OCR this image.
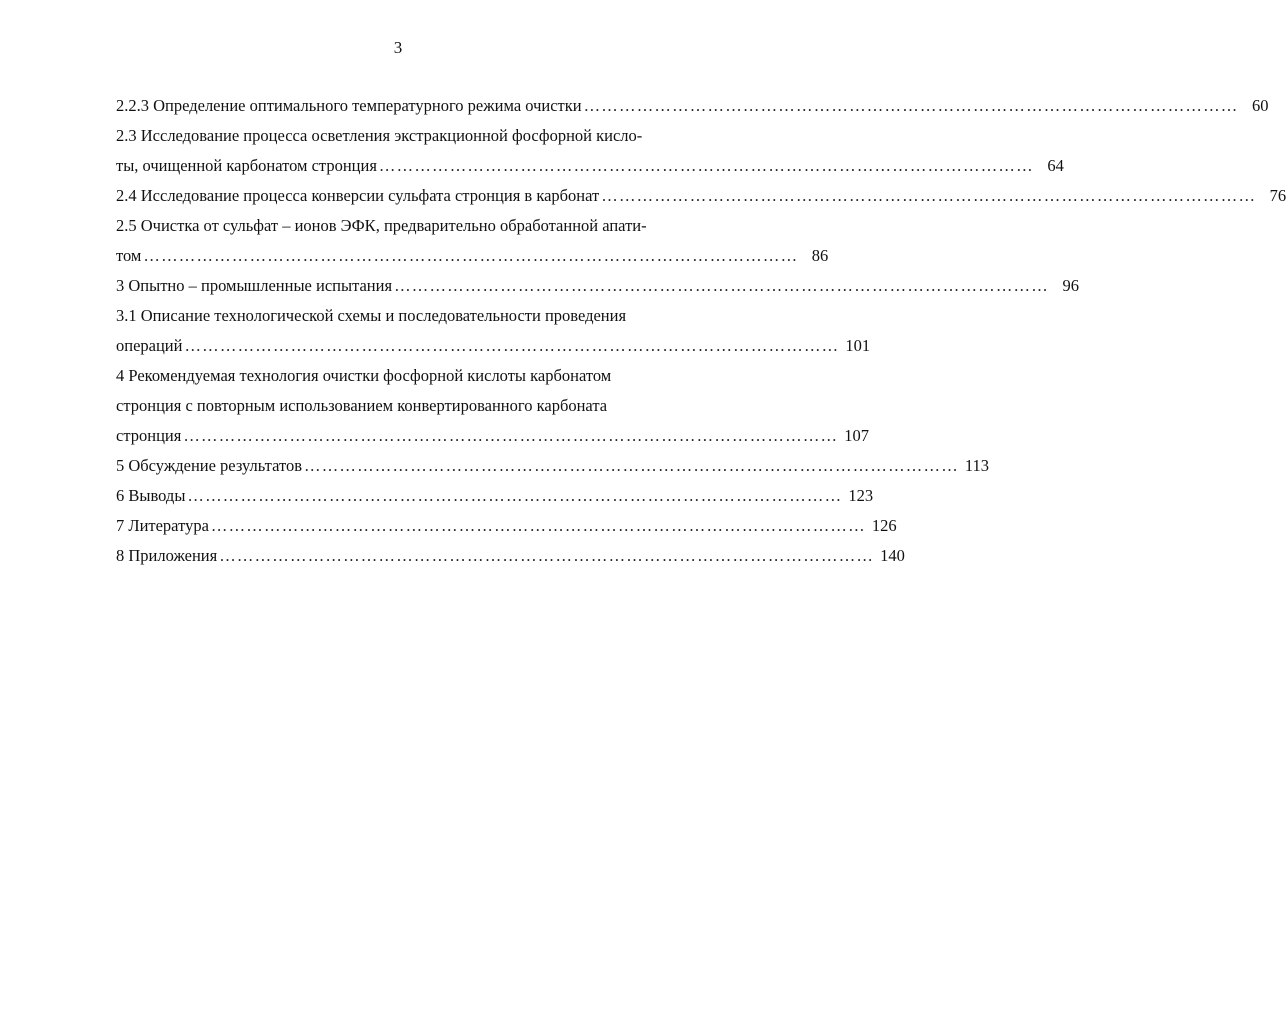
3
2.2.3 Определение оптимального температурного режима очистки ………………………………………………………………………………………………… 60
2.3 Исследование процесса осветления экстракционной фосфорной кисло-
ты, очищенной карбонатом стронция ………………………………………………………………………………………………… 64
2.4 Исследование процесса конверсии сульфата стронция в карбонат ………………………………………………………………………………………………… 76
2.5 Очистка от сульфат – ионов ЭФК, предварительно обработанной апати-
том ………………………………………………………………………………………………… 86
3 Опытно – промышленные испытания ………………………………………………………………………………………………… 96
3.1 Описание технологической схемы и последовательности проведения
операций ………………………………………………………………………………………………… 101
4 Рекомендуемая технология очистки фосфорной кислоты карбонатом
стронция с повторным использованием конвертированного карбоната
стронция ………………………………………………………………………………………………… 107
5 Обсуждение результатов ………………………………………………………………………………………………… 113
6 Выводы ………………………………………………………………………………………………… 123
7 Литература ………………………………………………………………………………………………… 126
8 Приложения ………………………………………………………………………………………………… 140
